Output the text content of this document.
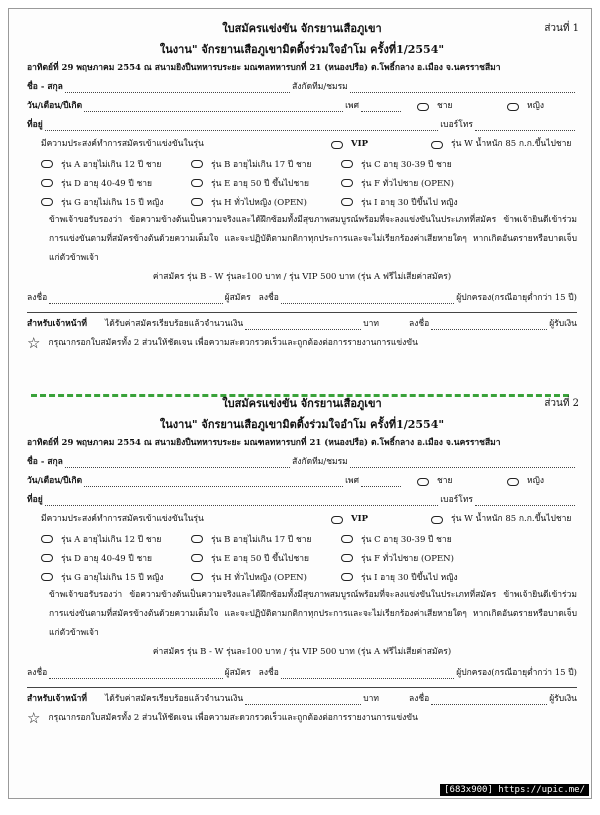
ส่วนที่ 1
ใบสมัครแข่งขัน จักรยานเสือภูเขา
ในงาน" จักรยานเสือภูเขามิตติ้งร่วมใจอำโม ครั้งที่1/2554"
อาทิตย์ที่ 29 พฤษภาคม 2554 ณ สนามยิงปืนทหารบระยะ มณฑลทหารบกที่ 21 (หนองปรือ) ต.โพธิ์กลาง อ.เมือง จ.นครราชสีมา
ชื่อ - สกุล	สังกัดทีม/ชมรม
วัน/เดือน/ปีเกิด	เพศ	ชาย	หญิง
ที่อยู่	เบอร์โทร
มีความประสงค์ทำการสมัครเข้าแข่งขันในรุ่น	VIP	รุ่น W น้ำหนัก 85 ก.ก.ขึ้นไปชาย
รุ่น A อายุไม่เกิน 12 ปี ชาย	รุ่น B อายุไม่เกิน 17 ปี ชาย	รุ่น C อายุ 30-39 ปี ชาย
รุ่น D อายุ 40-49 ปี ชาย	รุ่น E อายุ 50 ปี ขึ้นไปชาย	รุ่น F ทั่วไปชาย (OPEN)
รุ่น G อายุไม่เกิน 15 ปี หญิง	รุ่น H ทั่วไปหญิง (OPEN)	รุ่น I อายุ 30 ปีขึ้นไป หญิง
ข้าพเจ้าขอรับรองว่า ข้อความข้างต้นเป็นความจริงและได้ฝึกซ้อมทั้งมีสุขภาพสมบูรณ์พร้อมที่จะลงแข่งขันในประเภทที่สมัคร ข้าพเจ้ายินดีเข้าร่วมการแข่งขันตามที่สมัครข้างต้นด้วยความเต็มใจ และจะปฏิบัติตามกติกาทุกประการและจะไม่เรียกร้องค่าเสียหายใดๆ หากเกิดอันตรายหรือบาดเจ็บแก่ตัวข้าพเจ้า
ค่าสมัคร รุ่น B - W รุ่นละ100 บาท / รุ่น VIP 500 บาท (รุ่น A ฟรีไม่เสียค่าสมัคร)
ลงชื่อ	ผู้สมัคร ลงชื่อ	ผู้ปกครอง(กรณีอายุต่ำกว่า 15 ปี)
สำหรับเจ้าหน้าที่	ได้รับค่าสมัครเรียบร้อยแล้วจำนวนเงิน	บาท	ลงชื่อ	ผู้รับเงิน
☆ กรุณากรอกใบสมัครทั้ง 2 ส่วนให้ชัดเจน เพื่อความสะดวกรวดเร็วและถูกต้องต่อการรายงานการแข่งขัน
ส่วนที่ 2
ใบสมัครแข่งขัน จักรยานเสือภูเขา
ในงาน" จักรยานเสือภูเขามิตติ้งร่วมใจอำโม ครั้งที่1/2554"
อาทิตย์ที่ 29 พฤษภาคม 2554 ณ สนามยิงปืนทหารบระยะ มณฑลทหารบกที่ 21 (หนองปรือ) ต.โพธิ์กลาง อ.เมือง จ.นครราชสีมา
ชื่อ - สกุล	สังกัดทีม/ชมรม
วัน/เดือน/ปีเกิด	เพศ	ชาย	หญิง
ที่อยู่	เบอร์โทร
มีความประสงค์ทำการสมัครเข้าแข่งขันในรุ่น	VIP	รุ่น W น้ำหนัก 85 ก.ก.ขึ้นไปชาย
รุ่น A อายุไม่เกิน 12 ปี ชาย	รุ่น B อายุไม่เกิน 17 ปี ชาย	รุ่น C อายุ 30-39 ปี ชาย
รุ่น D อายุ 40-49 ปี ชาย	รุ่น E อายุ 50 ปี ขึ้นไปชาย	รุ่น F ทั่วไปชาย (OPEN)
รุ่น G อายุไม่เกิน 15 ปี หญิง	รุ่น H ทั่วไปหญิง (OPEN)	รุ่น I อายุ 30 ปีขึ้นไป หญิง
ข้าพเจ้าขอรับรองว่า ข้อความข้างต้นเป็นความจริงและได้ฝึกซ้อมทั้งมีสุขภาพสมบูรณ์พร้อมที่จะลงแข่งขันในประเภทที่สมัคร ข้าพเจ้ายินดีเข้าร่วมการแข่งขันตามที่สมัครข้างต้นด้วยความเต็มใจ และจะปฏิบัติตามกติกาทุกประการและจะไม่เรียกร้องค่าเสียหายใดๆ หากเกิดอันตรายหรือบาดเจ็บแก่ตัวข้าพเจ้า
ค่าสมัคร รุ่น B - W รุ่นละ100 บาท / รุ่น VIP 500 บาท (รุ่น A ฟรีไม่เสียค่าสมัคร)
ลงชื่อ	ผู้สมัคร ลงชื่อ	ผู้ปกครอง(กรณีอายุต่ำกว่า 15 ปี)
สำหรับเจ้าหน้าที่	ได้รับค่าสมัครเรียบร้อยแล้วจำนวนเงิน	บาท	ลงชื่อ	ผู้รับเงิน
☆ กรุณากรอกใบสมัครทั้ง 2 ส่วนให้ชัดเจน เพื่อความสะดวกรวดเร็วและถูกต้องต่อการรายงานการแข่งขัน
[683x900] https://upic.me/
